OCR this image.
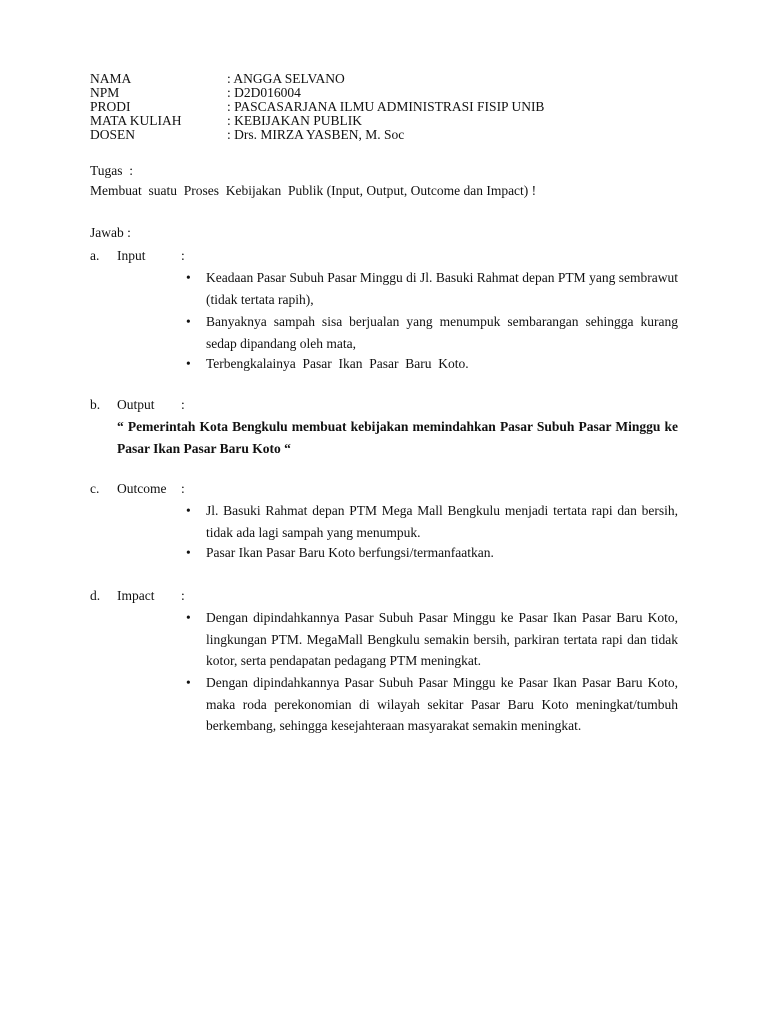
NAMA	: ANGGA SELVANO
NPM	: D2D016004
PRODI	: PASCASARJANA ILMU ADMINISTRASI FISIP UNIB
MATA KULIAH	: KEBIJAKAN PUBLIK
DOSEN	: Drs. MIRZA YASBEN, M. Soc
Tugas  :
Membuat  suatu  Proses  Kebijakan  Publik (Input, Output, Outcome dan Impact) !
Jawab :
a. Input	:
• Keadaan Pasar Subuh Pasar Minggu di Jl. Basuki Rahmat depan PTM yang sembrawut (tidak tertata rapih),
• Banyaknya sampah sisa berjualan yang menumpuk sembarangan sehingga kurang sedap dipandang oleh mata,
• Terbengkalainya  Pasar  Ikan  Pasar  Baru  Koto.
b. Output :
“ Pemerintah Kota Bengkulu membuat kebijakan memindahkan Pasar Subuh Pasar Minggu ke Pasar Ikan Pasar Baru Koto “
c. Outcome :
• Jl. Basuki Rahmat depan PTM Mega Mall Bengkulu menjadi tertata rapi dan bersih, tidak ada lagi sampah yang menumpuk.
• Pasar Ikan Pasar Baru Koto berfungsi/termanfaatkan.
d. Impact :
• Dengan dipindahkannya Pasar Subuh Pasar Minggu ke Pasar Ikan Pasar Baru Koto, lingkungan PTM. MegaMall Bengkulu semakin bersih, parkiran tertata rapi dan tidak kotor, serta pendapatan pedagang PTM meningkat.
• Dengan dipindahkannya Pasar Subuh Pasar Minggu ke Pasar Ikan Pasar Baru Koto, maka roda perekonomian di wilayah sekitar Pasar Baru Koto meningkat/tumbuh berkembang, sehingga kesejahteraan masyarakat semakin meningkat.
